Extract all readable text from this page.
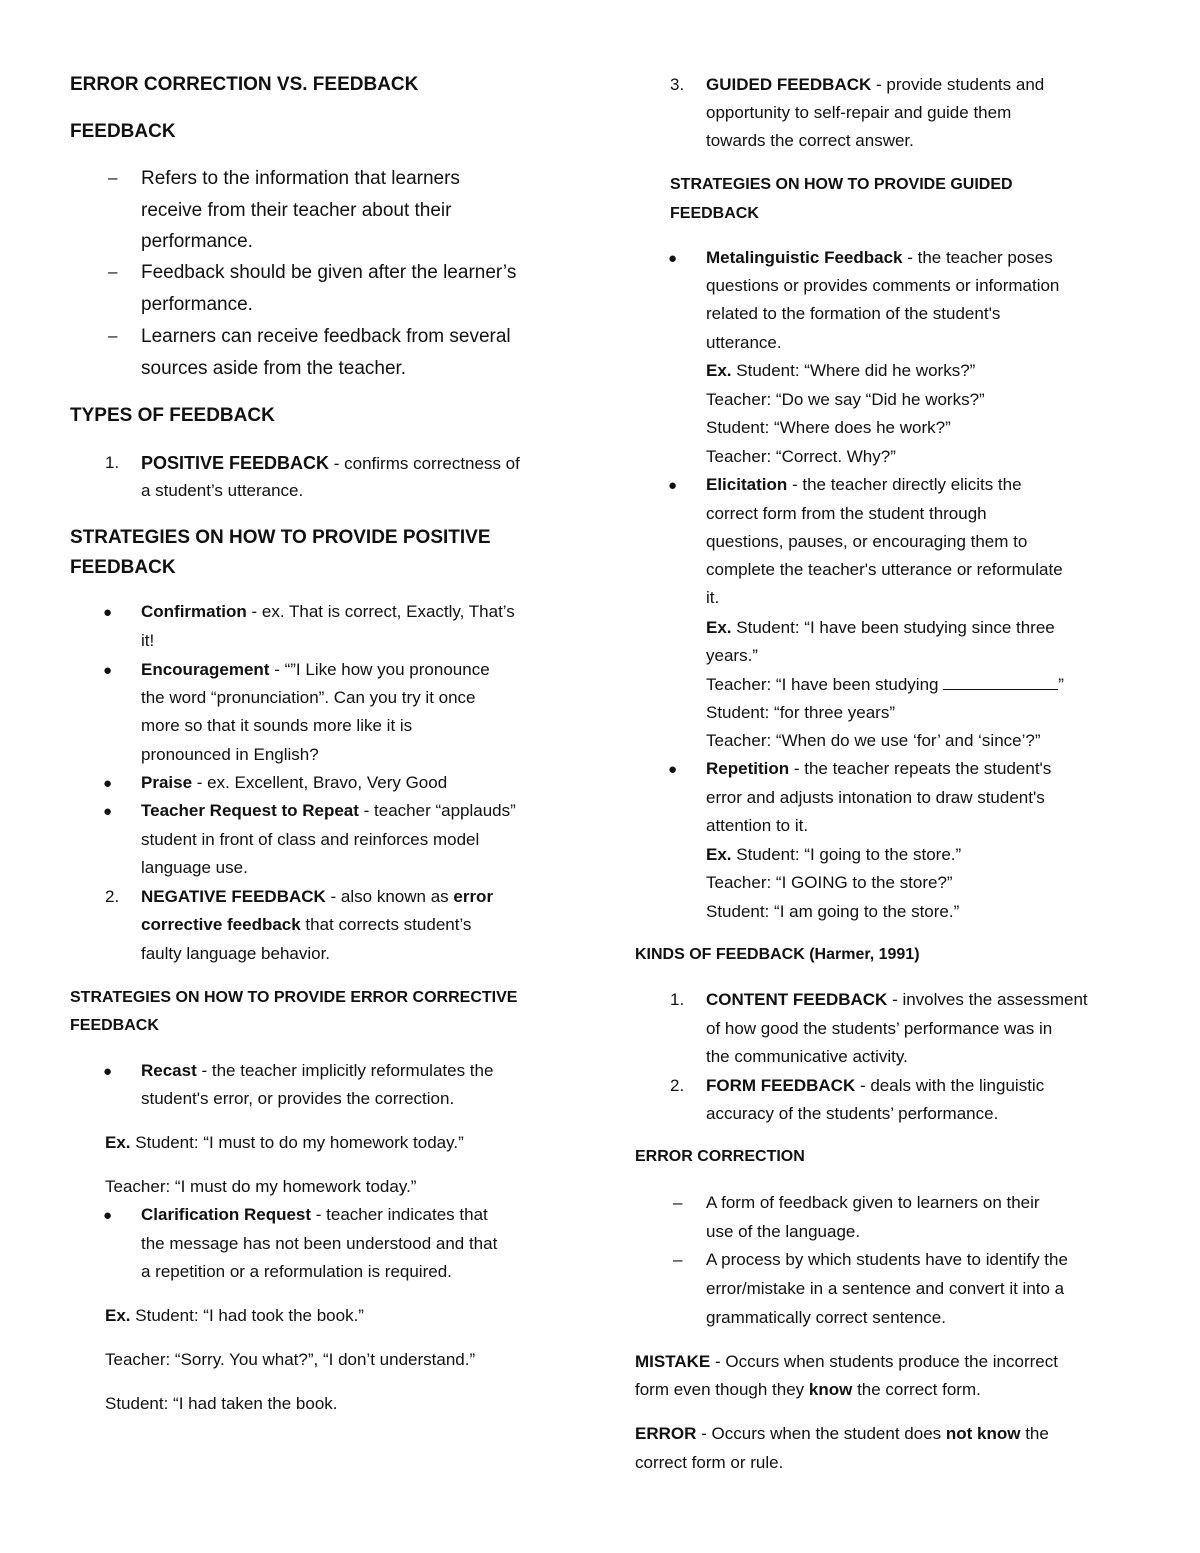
ERROR CORRECTION VS. FEEDBACK
FEEDBACK
– Refers to the information that learners
receive from their teacher about their
performance.
– Feedback should be given after the learner’s
performance.
– Learners can receive feedback from several
sources aside from the teacher.
TYPES OF FEEDBACK
1. POSITIVE FEEDBACK - confirms correctness of
a student’s utterance.
STRATEGIES ON HOW TO PROVIDE POSITIVE
FEEDBACK
● Confirmation - ex. That is correct, Exactly, That’s
it!
● Encouragement - “”I Like how you pronounce
the word “pronunciation”. Can you try it once
more so that it sounds more like it is
pronounced in English?
● Praise - ex. Excellent, Bravo, Very Good
● Teacher Request to Repeat - teacher “applauds”
student in front of class and reinforces model
language use.
2. NEGATIVE FEEDBACK - also known as error
corrective feedback that corrects student’s
faulty language behavior.
STRATEGIES ON HOW TO PROVIDE ERROR CORRECTIVE
FEEDBACK
● Recast - the teacher implicitly reformulates the
student's error, or provides the correction.
Ex. Student: “I must to do my homework today.”
Teacher: “I must do my homework today.”
● Clarification Request - teacher indicates that
the message has not been understood and that
a repetition or a reformulation is required.
Ex. Student: “I had took the book.”
Teacher: “Sorry. You what?”, “I don’t understand.”
Student: “I had taken the book.
3. GUIDED FEEDBACK - provide students and
opportunity to self-repair and guide them
towards the correct answer.
STRATEGIES ON HOW TO PROVIDE GUIDED
FEEDBACK
● Metalinguistic Feedback - the teacher poses
questions or provides comments or information
related to the formation of the student's
utterance.
Ex. Student: “Where did he works?”
Teacher: “Do we say “Did he works?”
Student: “Where does he work?”
Teacher: “Correct. Why?”
● Elicitation - the teacher directly elicits the
correct form from the student through
questions, pauses, or encouraging them to
complete the teacher's utterance or reformulate
it.
Ex. Student: “I have been studying since three
years.”
Teacher: “I have been studying	”
Student: “for three years”
Teacher: “When do we use ‘for’ and ‘since’?”
● Repetition - the teacher repeats the student's
error and adjusts intonation to draw student's
attention to it.
Ex. Student: “I going to the store.”
Teacher: “I GOING to the store?”
Student: “I am going to the store.”
KINDS OF FEEDBACK (Harmer, 1991)
1. CONTENT FEEDBACK - involves the assessment
of how good the students’ performance was in
the communicative activity.
2. FORM FEEDBACK - deals with the linguistic
accuracy of the students’ performance.
ERROR CORRECTION
– A form of feedback given to learners on their
use of the language.
– A process by which students have to identify the
error/mistake in a sentence and convert it into a
grammatically correct sentence.
MISTAKE - Occurs when students produce the incorrect
form even though they know the correct form.
ERROR - Occurs when the student does not know the
correct form or rule.
